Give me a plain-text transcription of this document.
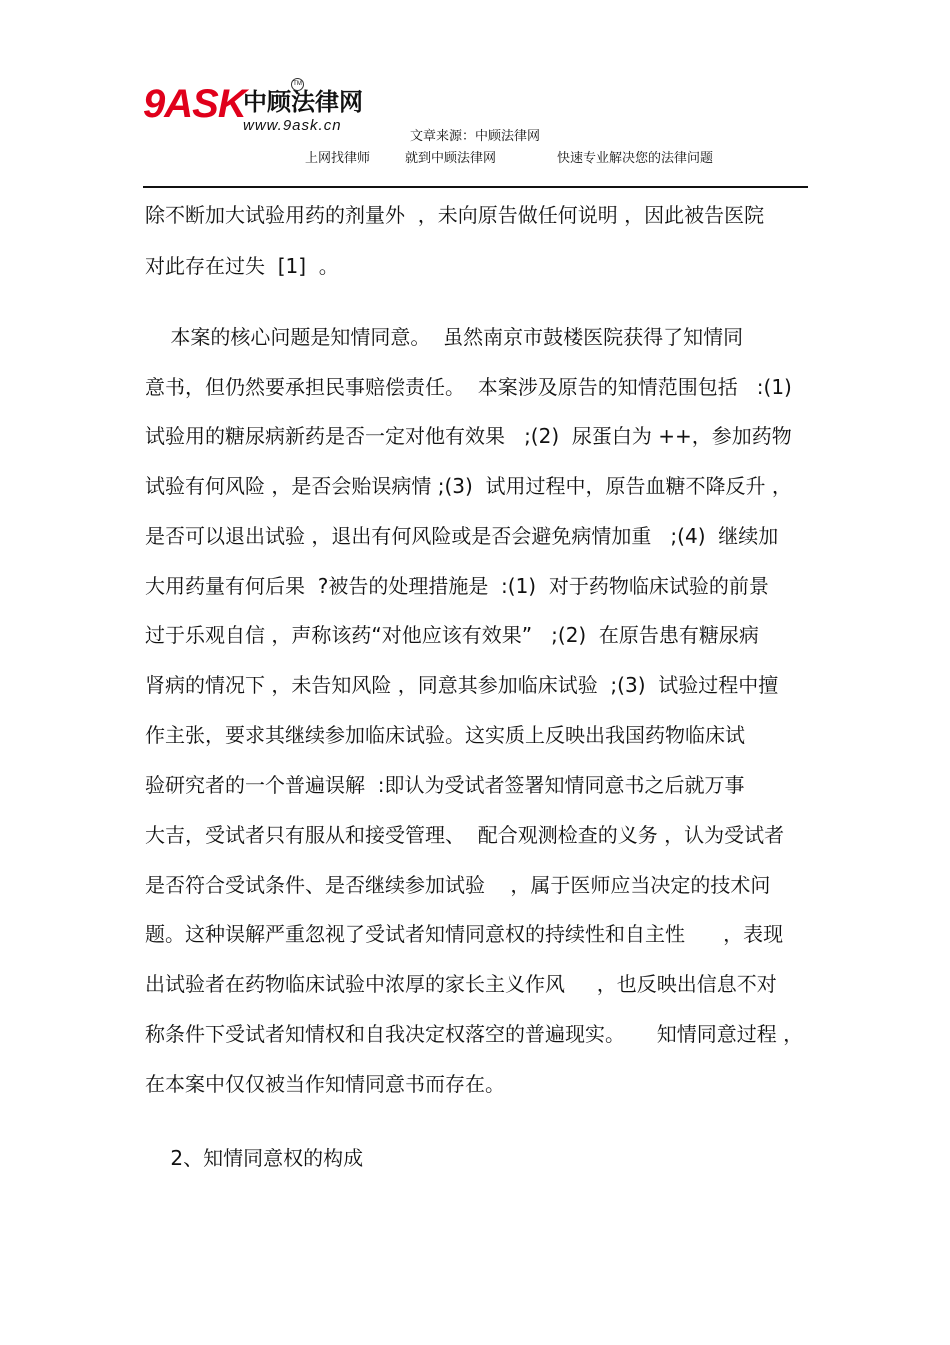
9ASK
中顾法律网
TM
www.9ask.cn
文章来源：中顾法律网
上网找律师	就到中顾法律网	快速专业解决您的法律问题
除不断加大试验用药的剂量外  ，未向原告做任何说明 ，因此被告医院
对此存在过失  [1]  。
本案的核心问题是知情同意。  虽然南京市鼓楼医院获得了知情同
意书，但仍然要承担民事赔偿责任。  本案涉及原告的知情范围包括   :(1)
试验用的糖尿病新药是否一定对他有效果   ;(2)  尿蛋白为 ++，参加药物
试验有何风险 ，是否会贻误病情 ;(3)  试用过程中，原告血糖不降反升 ，
是否可以退出试验 ，退出有何风险或是否会避免病情加重   ;(4)  继续加
大用药量有何后果  ?被告的处理措施是  :(1)  对于药物临床试验的前景
过于乐观自信 ，声称该药“对他应该有效果”   ;(2)  在原告患有糖尿病
肾病的情况下 ，未告知风险 ，同意其参加临床试验  ;(3)  试验过程中擅
作主张，要求其继续参加临床试验。这实质上反映出我国药物临床试
验研究者的一个普遍误解  :即认为受试者签署知情同意书之后就万事
大吉，受试者只有服从和接受管理、  配合观测检查的义务 ，认为受试者
是否符合受试条件、是否继续参加试验    ，属于医师应当决定的技术问
题。这种误解严重忽视了受试者知情同意权的持续性和自主性      ，表现
出试验者在药物临床试验中浓厚的家长主义作风     ，也反映出信息不对
称条件下受试者知情权和自我决定权落空的普遍现实。     知情同意过程 ，
在本案中仅仅被当作知情同意书而存在。
2、知情同意权的构成
